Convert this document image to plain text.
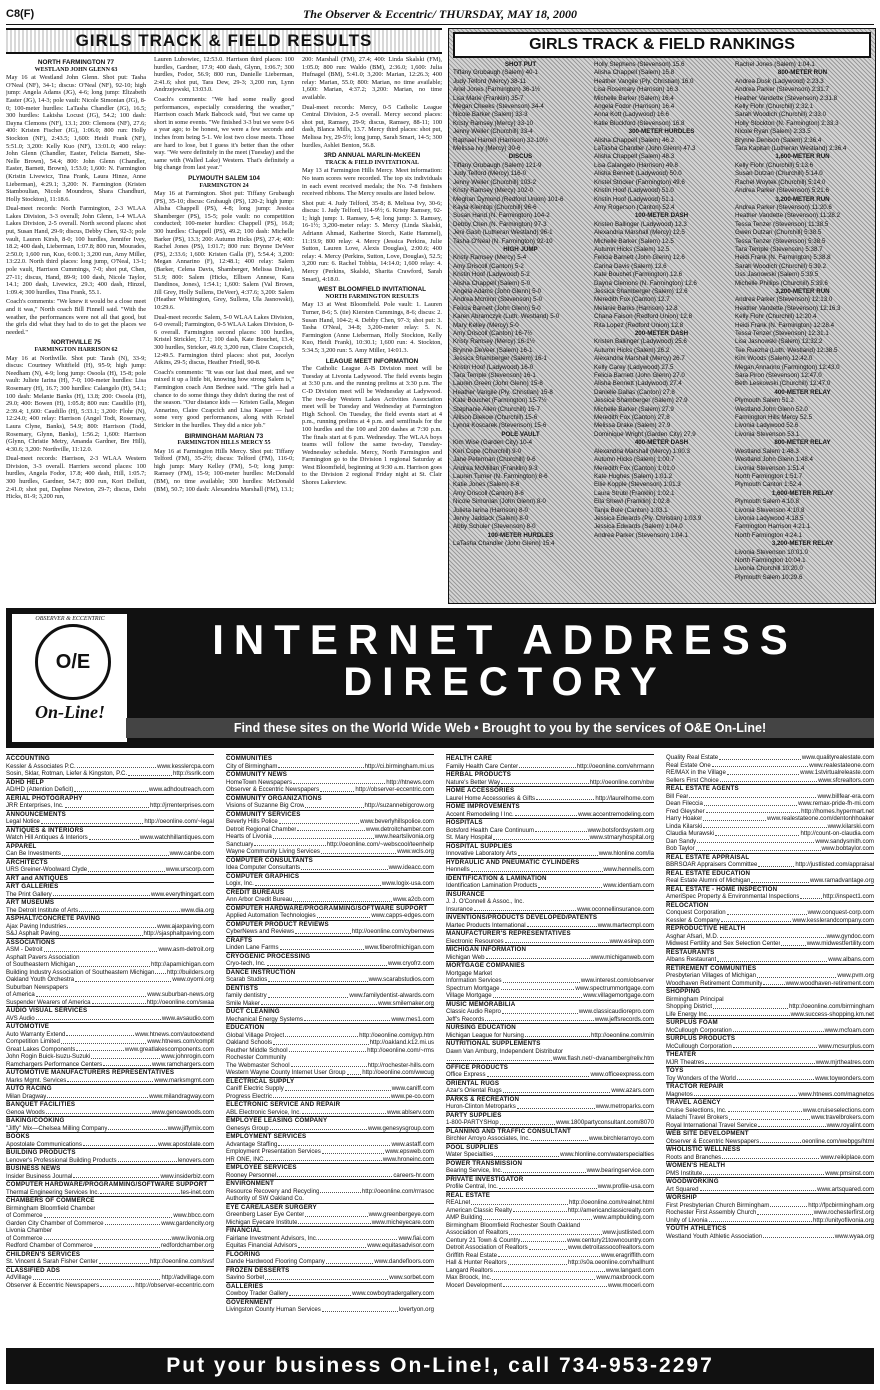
C8(F)	The Observer & Eccentric/ THURSDAY, MAY 18, 2000
GIRLS TRACK & FIELD RESULTS
NORTH FARMINGTON 77
WESTLAND JOHN GLENN 63

May 16 at Westland John Glenn. Shot put: Tasha O'Neal (NF), 34-1; discus: O'Neal (NF), 92-10; high jump: Angela Adams (JG), 4-6; long jump: Elizabeth Easter (JG), 14-3; pole vault: Nicole Simonian (JG), 8-0; 100-meter hurdles: LaTasha Chandler (JG), 16.5; 300 hurdles: Lakisha Locust (JG), 54.2; 100 dash: Dayna Clemons (NF), 13.1; 200: Clemons (NF), 27.6; 400: Kristen Fischer (JG), 1:06.0; 800 run: Holly Stockton (NF), 2:43.5; 1,600: Heidi Frank (NF), 5:51.0; 3,200: Kelly Kuo (NF), 13:01.0; 400 relay: John Glenn (Chandler, Easter, Felicia Barnett, She-Nelle Brown), 54.4; 800: John Glenn (Chandler, Easter, Barnett, Brown), 1:53.0; 1,600: N. Farmington (Kristin Livewicz, Tina Frank, Laura Hinze, Anne Lieberman), 4:29.1; 3,200: N. Farmington (Kristen Stamboulian, Nicole Moundros, Shara Chandhuri, Holly Stockton), 11:18.6.

Dual-meet records: North Farmington, 2-3 WLAA Lakes Division, 3-3 overall; John Glenn, 1-4 WLAA Lakes Division, 2-5 overall. North second places: shot put, Susan Hand, 29-9; discus, Debby Chen, 92-3; pole vault, Lauren Kirsh, 8-0; 100 hurdles, Jennifer Ivey, 18.2; 400 dash, Lieberman, 1:07.8; 800 run, Mourades, 2:50.0; 1,600 run, Kuo, 6:00.1; 3,200 run, Amy Miller, 13:22.0. North third places: long jump, O'Neal, 13-1; pole vault, Harrison Cummings, 7-0; shot put, Chen, 27-11; discus, Hand, 89-9; 100 dash, Nicole Taylor, 14.1; 200 dash, Livewicz, 29.3; 400 dash, Hinzel, 1:09.4; 300 hurdles, Tina Frank, 55.1.

Coach's comments: "We knew it would be a close meet and it was," North coach Bill Finnell said. "With the weather, the performances were not all that good, but the girls did what they had to do to get the places we needed."

NORTHVILLE 75
FARMINGTON HARRISON 62

May 16 at Northville. Shot put: Tarah (N), 33-9; discus: Courtney Whitfield (H), 95-9; high jump: Needham (N), 4-9; long jump: Osoola (H), 15-8; pole vault: Juliete Iarina (H), 7-0; 100-meter hurdles: Lisa Rosemary (H), 16.7; 300 hurdles: Calangelo (H), 54.1; 100 dash: Melanie Banks (H), 13.8; 200: Osoola (H), 29.0; 400: Bowen (H), 1:05.8; 800 run: Caudillo (H), 2:39.4; 1,600: Caudillo (H), 5:33.1; 3,200: Flohr (N), 12:24.0; 400 relay: Harrison (Angel Todt, Rosemary, Laura Clyne, Banks), 54.9; 800: Harrison (Todd, Rosemary, Glynn, Banks), 1:56.2; 1,600: Harrison (Glynn, Christie Metry, Amanda Gardner, Bre Hill), 4:30.6; 3,200: Northville, 11:12.0.

Dual-meet records: Harrison, 2-3 WLAA Western Division, 3-3 overall. Harriers second places: 100 hurdles, Angela Fodor, 17.8; 400 dash, Hill, 1:05.7; 300 hurdles, Gardner, 54.7; 800 run, Kori Dellutt, 2:41.0; shot put, Daphne Newton, 29-7; discus, Debi Hicks, 81-9; 3,200 run,

Lauren Lubowiec, 12:53.0. Harrison third places: 100 hurdles, Gardner, 17.9; 400 dash, Glynn, 1:06.7; 300 hurdles, Fodor, 56.9; 800 run, Danielle Lieberman, 2:41.6; shot put, Tara Dew, 29-3; 3,200 run, Lynn Andrzejewski, 13:03.0.

Coach's comments: "We had some really good performances, especially considering the weather," Harrison coach Mark Babcock said, "but we came up short in some events. "We finished 3-3 but we were 0-6 a year ago; to be honest, we were a few seconds and inches from being 5-1. We lost two close meets. Those are hard to lose, but I guess it's better than the other way. "We were definitely in the meet (Tuesday) and the same with (Walled Lake) Western. That's definitely a big change from last year."

PLYMOUTH SALEM 104
FARMINGTON 24

May 16 at Farmington. Shot put: Tiffany Grubaugh (PS), 35-10; discus: Grubaugh (PS), 120-2; high jump: Alisha Chappell (PS), 4-8; long jump: Jessica Shamberger (PS), 15-5; pole vault: no competition conducted; 100-meter hurdles: Chappell (PS), 16.8; 300 hurdles: Chappell (PS), 49.2; 100 dash: Michelle Barker (PS), 13.3; 200: Autumn Hicks (PS), 27.4; 400: Rachel Jones (PS), 1:01.7; 800 run: Brynne DeVeer (PS), 2:33.6; 1,600: Kristen Galla (F), 5:54.4; 3,200: Megan Annarino (F), 12:48.1; 400 relay: Salem (Barker, Celena Davis, Shamberger, Melissa Drake), 51.9; 800: Salem (Hicks, Ellisen Annese, Kara Dandinos, Jones), 1:54.1; 1,600: Salem (Val Brown, Jill Grey, Holly Sullens, DeVeer), 4:37.6; 3,200: Salem (Heather Whittington, Grey, Sullens, Ula Jasnowski), 10:29.6.

Dual-meet records: Salem, 5-0 WLAA Lakes Division, 6-0 overall; Farmington, 0-5 WLAA Lakes Division, 0-6 overall. Farmington second places: 100 hurdles, Kristel Strickler, 17.1; 100 dash, Kate Bouchet, 13.4; 300 hurdles, Stricker, 49.6; 3,200 run, Claire Czapcich, 12:49.5. Farmington third places: shot put, Jocelyn Atkins, 29-5; discus, Heather Friedl, 90-8.

Coach's comments: "It was our last dual meet, and we mixed it up a little bit, knowing how strong Salem is," Farmington coach Ann Bednee said. "The girls had a chance to do some things they didn't during the rest of the season. "Our distance kids — Kristen Galla, Megan Annarino, Claire Czapcich and Lisa Kasper — had some very good performances, along with Kristel Stricker in the hurdles. They did a nice job."

BIRMINGHAM MARIAN 73
FARMINGTON HILLS MERCY 55

May 16 at Farmington Hills Mercy. Shot put: Tiffany Telford (FM), 35-2½; discus: Telford (FM), 116-0; high jump: Mary Kelley (FM), 5-0; long jump: Ramsey (FM), 15-9; 100-meter hurdles: McDonald (BM), no time available; 300 hurdles: McDonald (BM), 50.7; 100 dash: Alexandria Marshall (FM), 13.1;

200: Marshall (FM), 27.4; 400: Linda Skalski (FM), 1:05.0; 800 run: Waldo (BM), 2:36.0; 1,600: Julia Hufnagel (BM), 5:41.0; 3,200: Marian, 12:26.3; 400 relay: Marian, 55.0; 800: Marian, no time available; 1,600: Marian, 4:37.2; 3,200: Marian, no time available.

Dual-meet records: Mercy, 0-5 Catholic League Central Division, 2-5 overall. Mercy second places: shot put, Ramsey, 29-9; discus, Ramsey, 88-11; 100 dash, Blanca Mills, 13.7. Mercy third places: shot put, Melissa Ivy, 29-5½; long jump, Sarah Smart, 14-5; 300 hurdles, Ashlei Benton, 56.8.

3RD ANNUAL MARLIN-McKEEN
TRACK & FIELD INVITATIONAL

May 13 at Farmington Hills Mercy. Meet information: No team scores were recorded. The top six individuals in each event received medals; the No. 7-8 finishers received ribbons. The Mercy results are listed below.

Shot put: 4. Judy Telford, 35-8; 8. Melissa Ivy, 30-6; discus: 1. Judy Telford, 114-9½; 6. Kristy Ramsey, 92-1; high jump: 1. Ramsey, 5-4; long jump: 3. Ramsey, 16-1½; 3,200-meter relay: 5. Mercy (Linda Skalski, Adriann Ahmad, Katherine Storch, Katie Hammel), 11:19.9; 800 relay: 4. Mercy (Jessica Perkins, Julie Sutton, Lauren Love, Alexis Douglas), 2:00.6; 400 relay: 4. Mercy (Perkins, Sutton, Love, Douglas), 52.5; 3,200 run: 6. Rachel Tobbia, 14:14.0; 1,600 relay: 4. Mercy (Perkins, Skalski, Sharita Crawford, Sarah Smart), 4:18.0.

WEST BLOOMFIELD INVITATIONAL
NORTH FARMINGTON RESULTS

May 13 at West Bloomfield. Pole vault: 1. Lauren Turner, 8-6; 5. (tie) Kiersten Cummings, 8-6; discus: 2. Susan Hand, 104-2; 4. Debby Chen, 97-3; shot put: 3. Tasha O'Neal, 34-8; 3,200-meter relay: 5. N. Farmington (Anne Lieberman, Holly Stockton, Kelly Kuo, Heidi Frank), 10:30.1; 1,600 run: 4. Stockton, 5:34.5; 3,200 run: 5. Amy Miller, 14:01.3.

LEAGUE MEET INFORMATION

The Catholic League A-B Division meet will be Tuesday at Livonia Ladywood. The field events begin at 3:30 p.m. and the running prelims at 3:30 p.m. The C-D Division meet will be Wednesday at Ladywood. The two-day Western Lakes Activities Association meet will be Tuesday and Wednesday at Farmington High School. On Tuesday, the field events start at 4 p.m., running prelims at 4 p.m. and semifinals for the 100 hurdles and the 100 and 200 dashes at 7:30 p.m. The finals start at 6 p.m. Wednesday. The WLAA boys teams will follow the same two-day, Tuesday-Wednesday schedule. Mercy, North Farmington and Farmington go to the Division 1 regional Saturday at West Bloomfield, beginning at 9:30 a.m. Harrison goes to the Division 2 regional Friday night at St. Clair Shores Lakeview.

GIRLS TRACK & FIELD RANKINGS
SHOT PUT
Tiffany Grubaugh (Salem) 40-1
Judy Telford (Mercy) 38-11
Ariel Jones (Farmington) 36-1½
Lisa Marie (Franklin) 35-7
Megan Cheeks (Stevenson) 34-4
Nicole Barker (Salem) 33-3
Kristy Ramsey (Mercy) 33-10
Jenny Weiler (Churchill) 33-4
Raphael Harrell (Harrison) 32-10½
Melissa Ivy (Mercy) 30-6
DISCUS
Tiffany Grubaugh (Salem) 121-9
Judy Telford (Mercy) 116-0
Jenny Weiler (Churchill) 103-2
Kristy Ramsey (Mercy) 102-0
Meghan Dymond (Redford Union) 101-6
Kayla Kleintop (Churchill) 96-6
Susan Hand (N. Farmington) 104-2
Debby Chen (N. Farmington) 97-3
Jeni Gash (Lutheran Westland) 96-1
Tasha O'Neal (N. Farmington) 92-10
HIGH JUMP
Kristy Ramsey (Mercy) 5-4
Amy Driscoll (Canton) 5-2
Kristin Hoof (Ladywood) 5-2
Alisha Chappell (Salem) 5-0
Angela Adams (John Glenn) 5-0
Andrea Mcminn (Stevenson) 5-0
Felicia Barnett (John Glenn) 5-0
Karen Abramczyk (Luth. Westland) 5-0
Mary Kelley (Mercy) 5-0
Amy Driscoll (Canton) 16-7½
Kristy Ramsey (Mercy) 16-1½
Brynne DeVeer (Salem) 16-1
Jessica Shamberger (Salem) 16-1
Kristin Hoof (Ladywood) 16-0
Tara Temple (Stevenson) 16-1
Lauren Green (John Glenn) 15-8
Heather Vangile (Ply. Christian) 15-8
Kate Bouchet (Farmington) 15-7½
Stephanie Allen (Churchill) 15-7
Allison Diekow (Churchill) 15-6
Lynna Koscarek (Stevenson) 15-6
POLE VAULT
Kim Wise (Garden City) 10-4
Keri Cope (Churchill) 9-0
Jane Peterman (Churchill) 9-6
Andrea McMillan (Franklin) 9-3
Lauren Turner (N. Farmington) 8-6
Katie Jones (Salem) 8-6
Amy Driscoll (Canton) 8-6
Nicole Simonian (John Glenn) 8-0
Julieta Iarina (Harrison) 8-0
Jenny Jaddack (Salem) 8-0
Abby Schuler (Stevenson) 8-0
100-METER HURDLES
LaTasha Chandler (John Glenn) 15.4
Holly Stephens (Stevenson) 15.6
Alisha Chappell (Salem) 15.8
Heather Vangile (Ply. Christian) 16.0
Lisa Rosemary (Harrison) 16.3
Michelle Barker (Salem) 16.4
Angela Fodor (Harrison) 16.4
Anna Kott (Ladywood) 16.6
Katie Bluckford (Stevenson) 16.8
300-METER HURDLES
Alisha Chappell (Salem) 46.2
LaTasha Chandler (John Glenn) 47.3
Alisha Chappell (Salem) 48.3
Lisa Calangelo (Harrison) 49.8
Alisha Bennett (Ladywood) 50.0
Kristel Stricker (Farmington) 49.6
Kristin Hoof (Ladywood) 51.0
Kristin Hoof (Ladywood) 51.1
Amy Rogerson (Canton) 52.4
100-METER DASH
Kristen Ballinger (Ladywood) 12.3
Alexandria Marshall (Mercy) 12.5
Michelle Barker (Salem) 12.5
Autumn Hicks (Salem) 12.5
Felicia Barnett (John Glenn) 12.6
Carina Davis (Salem) 12.6
Kate Bouchet (Farmington) 12.6
Dayna Clemons (N. Farmington) 12.6
Jessica Shamberger (Salem) 12.6
Meredith Fox (Canton) 12.7
Melanie Banks (Harrison) 12.8
Chana Faison (Redford Union) 12.8
Rita Lopez (Redford Union) 12.8
200-METER DASH
Kristen Ballinger (Ladywood) 25.6
Autumn Hicks (Salem) 26.2
Alexandria Marshall (Mercy) 26.7
Kelly Carey (Ladywood) 27.5
Felicia Barnett (John Glenn) 27.0
Alisha Bennett (Ladywood) 27.4
Danielle Dallas (Canton) 27.8
Jessica Shamberger (Salem) 27.9
Michelle Barker (Salem) 27.9
Meredith Fox (Canton) 27.8
Melissa Drake (Salem) 27.9
Dominique Wright (Garden City) 27.9
400-METER DASH
Alexandria Marshall (Mercy) 1:00.3
Autumn Hicks (Salem) 1:00.7
Meredith Fox (Canton) 1:01.0
Kate Hughes (Salem) 1:01.2
Ellie Kopple (Stevenson) 1:01.3
Laura Strubl (Franklin) 1:02.1
Ella Shewl (Franklin) 1:02.8
Tanja Bole (Canton) 1:03.1
Jessica Edwards (Ply. Christian) 1:03.9
Jessica Edwards (Salem) 1:04.0
Andrea Parker (Stevenson) 1:04.1
Rachel Jones (Salem) 1:04.1
800-METER RUN
Andrea Dusk (Ladywood) 2:23.3
Andrea Parker (Stevenson) 2:31.7
Heather Vandette (Stevenson) 2:31.8
Kelly Flohr (Churchill) 2:32.1
Sarah Woodich (Churchill) 2:33.0
Holly Stockton (N. Farmington) 2:33.3
Nicole Ryan (Salem) 2:33.5
Brynne Denison (Salem) 2:36.4
Tara Kapitan (Lutheran Westland) 2:36.4
1,600-METER RUN
Kelly Flohr (Churchill) 5:13.6
Susan Dutzan (Churchill) 5:14.0
Rachel Woytek (Churchill) 5:14.0
Andrea Parker (Stevenson) 5:21.6
3,200-METER RUN
Andrea Parker (Stevenson) 11:20.6
Heather Vandette (Stevenson) 11:28.2
Tessa Tenzer (Stevenson) 11:38.5
Gwen Dutzan (Churchill) 5:38.5
Tessa Tenzer (Stevenson) 5:38.5
Tara Temple (Stevenson) 5:38.7
Heidi Frank (N. Farmington) 5:38.8
Sarah Woodich (Churchill) 5:39.2
Uss Jasnowski (Salem) 5:39.5
Michelle Phillips (Churchill) 5:39.6
3,200-METER RUN
Andrea Parker (Stevenson) 12:13.0
Heather Vandette (Stevenson) 12:16.3
Kelly Flohr (Churchill) 12:20.4
Heidi Frank (N. Farmington) 12:28.4
Tessa Tenzer (Stevenson) 12:31.1
Lisa Jasnowski (Salem) 12:32.2
Tee Ruezha (Luth. Westland) 12:38.5
Kim Woods (Salem) 12:42.0
Megan Annarino (Farmington) 12:43.0
Sara Piron (Stevenson) 12:47.0
Beth Leskowski (Churchill) 12:47.0
400-METER RELAY
Plymouth Salem 51.2
Westland John Glenn 52.0
Farmington Hills Mercy 52.5
Livonia Ladywood 52.6
Livonia Stevenson 53.1
800-METER RELAY
Westland Salem 1:48.3
Westland John Glenn 1:48.4
Livonia Stevenson 1:51.4
North Farmington 1:51.7
Plymouth Canton 1:52.4
1,600-METER RELAY
Plymouth Salem 4:10.8
Livonia Stevenson 4:10.8
Livonia Ladywood 4:18.5
Farmington Harrison 4:21.1
North Farmington 4:24.1
3,200-METER RELAY
Livonia Stevenson 10:01.0
North Farmington 10:04.1
Livonia Churchill 10:20.0
Plymouth Salem 10:29.6
OBSERVER & ECCENTRIC
O/E
On-Line!
INTERNET ADDRESS
DIRECTORY
Find these sites on the World Wide Web • Brought to you by the services of O&E On-Line!
ACCOUNTING
Kessler & Associates P.C.	www.kesslercpa.com
Sosin, Sklar, Rotman, Liefer & Kingston, P.C.	http://ssrlk.com
ADHD HELP
AD/HD (Attention Deficit)	www.adhdoutreach.com
AERIAL PHOTOGRAPHY
JRR Enterprises, Inc.	http://jrrenterprises.com
ANNOUNCEMENTS
Legal Notice	http://oeonline.com/~legal
ANTIQUES & INTERIORS
Watch Hill Antiques & Interiors	www.watchhillantiques.com
APPAREL
Can Be Investments	www.canbe.com
ARCHITECTS
URS Greiner-Woolward Clyde	www.urscorp.com
ART and ANTIQUES
ART GALLERIES
The Print Gallery	www.everythingart.com
ART MUSEUMS
The Detroit Institute of Arts	www.dia.org
ASPHALT/CONCRETE PAVING
Ajax Paving Industries	www.ajaxpaving.com
S&J Asphalt Paving	http://sjasphaltpaving.com
ASSOCIATIONS
ASM - Detroit	www.asm-detroit.org
Asphalt Pavers Association
of Southeastern Michigan	http://apamichigan.com
Building Industry Association of Southeastern Michigan http://builders.org
Oakland Youth Orchestra	www.oyorni.org
Suburban Newspapers
of America	www.suburban-news.org
Suspender Wearers of America	http://oeonline.com/swaa
AUDIO VISUAL SERVICES
AVS Audio	www.avsaudio.com
AUTOMOTIVE
Auto Warranty Extend	www.htnews.com/autoextend
Competition Limited	www.htnews.com/complt
Great Lakes Components	www.greatlakescomponents.com
John Rogin Buick-Isuzu-Suzuki	www.johnrogin.com
Ramchargers Performance Centers	www.ramchargers.com
AUTOMOTIVE MANUFACTURERS REPRESENTATIVES
Marks Mgmt. Services	www.marksmgmt.com
AUTO RACING
Milan Dragway	www.milandragway.com
BANQUET FACILITIES
Genoa Woods	www.genoawoods.com
BAKING/COOKING
"Jiffy" Mix—Chelsea Milling Company	www.jiffymix.com
BOOKS
Apostolate Communications	www.apostolate.com
BUILDING PRODUCTS
Lenover's Professional Building Products	lenovers.com
BUSINESS NEWS
Insider Business Journal	www.insiderbiz.com
COMPUTER HARDWARE/PROGRAMMING/SOFTWARE SUPPORT
Thermal Engineering Services Inc.	tes-inet.com
CHAMBERS OF COMMERCE
Birmingham Bloomfield Chamber
of Commerce	www.bbcc.com
Garden City Chamber of Commerce	www.gardencity.org
Livonia Chamber
of Commerce	www.livonia.org
Redford Chamber of Commerce	redfordchamber.org
CHILDREN'S SERVICES
St. Vincent & Sarah Fisher Center	http://oeonline.com/svsf
CLASSIFIED ADS
AdVillage	http://advillage.com
Observer & Eccentric Newspapers	http://observer-eccentric.com
COMMUNITIES
City of Birmingham	http://ci.birmingham.mi.us
COMMUNITY NEWS
HomeTown Newspapers	http://htnews.com
Observer & Eccentric Newspapers	http://observer-eccentric.com
COMMUNITY ORGANIZATIONS
Visions of Suzanne Big Crow	http://suzannebigcrow.org
COMMUNITY SERVICES
Beverly Hills Police	www.beverlyhillspolice.com
Detroit Regional Chamber	www.detroitchamber.com
Hearts of Livonia	www.heartslivonia.org
Sanctuary	http://oeonline.com/~webscool/teenhelp
Wayne Community Living Services	www.wcls.org
COMPUTER CONSULTANTS
Idea Computer Consultants	www.ideacc.com
COMPUTER GRAPHICS
Logix, Inc.	www.logix-usa.com
CREDIT BUREAUS
Ann Arbor Credit Bureau	www.a2cb.com
COMPUTER HARDWARE/PROGRAMMING/SOFTWARE SUPPORT
Applied Automation Technologies	www.capps-edges.com
COMPUTER PRODUCT REVIEWS
CyberNews and Reviews	http://oeonline.com/cybernews
CRAFTS
Linden Lane Farms	www.fiberofmichigan.com
CRYOGENIC PROCESSING
Cryo-tech, Inc.	www.cryofrz.com
DANCE INSTRUCTION
Scarab Studios	www.scarabstudios.com
DENTISTS
family dentistry	www.familydentist-alwards.com
Smile Maker	www.smilemaker.org
DUCT CLEANING
Mechanical Energy Systems	www.mes1.com
EDUCATION
Global Village Project	http://oeonline.com/gvp.htm
Oakland Schools	http://oakland.k12.mi.us
Reuther Middle School	http://oeonline.com/~rms
Rochester Community
The Webmaster School	http://rochester-hills.com
Western Wayne County Internet User Group	http://oeonline.com/wwcug
ELECTRICAL SUPPLY
Caniff Electric Supply	www.caniff.com
Progress Electric	www.pe-co.com
ELECTRONIC SERVICE AND REPAIR
ABL Electronic Service, Inc.	www.ablserv.com
EMPLOYEE LEASING COMPANY
Genesys Group	www.genesysgroup.com
EMPLOYMENT SERVICES
Advantage Staffing	www.astaff.com
Employment Presentation Services	www.epsweb.com
HR ONE, INC.	www.hroneinc.com
EMPLOYEE SERVICES
Rooney Personnel	careers-hr.com
ENVIRONMENT
Resource Recovery and Recycling	http://oeonline.com/rrrasoc
Authority of SW Oakland Co.
EYE CARE/LASER SURGERY
Greenberg Laser Eye Center	www.greenbergeye.com
Michigan Eyecare Institute	www.micheyecare.com
FINANCIAL
Fairlane Investment Advisors, Inc.	www.fiai.com
Equitas Financial Advisors	www.equitasadvisor.com
FLOORING
Dande Hardwood Flooring Company	www.dandefloors.com
FROZEN DESSERTS
Savino Sorbet	www.sorbet.com
GALLERIES
Cowboy Trader Gallery	www.cowboytradergallery.com
GOVERNMENT
Livingston County Human Services	lovertyon.org
HEALTH CARE
Family Health Care Center	http://oeonline.com/ehrmann
HERBAL PRODUCTS
Nature's Better Way	http://oeonline.com/nbw
HOME ACCESSORIES
Laurel Home Accessories & Gifts	http://laurelhome.com
HOME IMPROVEMENTS
Accent Remodeling I Inc.	www.accentremodeling.com
HOSPITALS
Botsford Health Care Continuum	www.botsfordsystem.org
St. Mary Hospital	www.stmaryhospital.org
HOSPITAL SUPPLIES
Innovative Laboratory Arts	www.hlonline.com/la
HYDRAULIC AND PNEUMATIC CYLINDERS
Hennells	www.hennells.com
IDENTIFICATION & LAMINATION
Identification Lamination Products	www.identiam.com
INSURANCE
J. J. O'Connell & Assoc., Inc.
Insurance	www.oconnellinsurance.com
INVENTIONS/PRODUCTS DEVELOPED/PATENTS
Martec Products International	www.martecmpl.com
MANUFACTURER'S REPRESENTATIVES
Electronic Resources	www.esirep.com
MICHIGAN INFORMATION
Michigan Web	www.michiganweb.com
MORTGAGE COMPANIES
Mortgage Market
Information Services	www.interest.com/observer
Spectrum Mortgage	www.spectrummortgage.com
Village Mortgage	www.villagemortgage.com
MUSIC MEMORABILIA
Classic Audio Repro	www.classicaudiorepro.com
Jeff's Records	www.jeffsrecords.com
NURSING EDUCATION
Michigan League for Nursing	http://oeonline.com/min
NUTRITIONAL SUPPLEMENTS
Dawn Van Amburg, Independent Distributor
www.flash.net/~dvanamberg/reliv.htm
OFFICE PRODUCTS
Office Express	www.officeexpress.com
ORIENTAL RUGS
Azar's Oriental Rugs	www.azars.com
PARKS & RECREATION
Huron-Clinton Metroparks	www.metroparks.com
PARTY SUPPLIES
1-800-PARTYSHop	www.1800partyconsultant.com/8070
PLANNING AND TRAFFIC CONSULTANT
Birchler Arroyo Associates, Inc.	www.birchlerarroyo.com
POOL SUPPLIES
Water Specialties	www.hlonline.com/waterspecialties
POWER TRANSMISSION
Bearing Service, Inc.	www.bearingservice.com
PRIVATE INVESTIGATOR
Profile Central, Inc.	www.profile-usa.com
REAL ESTATE
REALnet	http://oeonline.com/realnet.html
American Classic Realty	http://americanclassicrealty.com
AMP Building	www.ampbuilding.com
Birmingham Bloomfield Rochester South Oakland
Association of Realtors	www.justlisted.com
Century 21 Town & Country	www.century21towncountry.com
Detroit Association of Realtors	www.detroitassocofrealtors.com
Griffith Real Estate	www.eragriffith.com
Hall & Hunter Realtors	http://s0a.oeonline.com/hallhunt
Langard Realtors	www.langard.com
Max Broock, Inc.	www.maxbroock.com
Mocerl Development	www.moceri.com
Quality Real Estate	www.qualityrealestate.com
Real Estate One	www.realestateone.com
RE/MAX in the Village	www.1stvirtualreleaste.com
Sellers First Choice	www.sfcrealtors.com
REAL ESTATE AGENTS
Bill Fear	www.billfear-era.com
Dean Fileccia	www.remax-pride-fh-mi.com
Fred Gleysher	http://homes.hypermart.net
Harry Hoaker	www.realestateone.com/dentonhhoaker
Linda Kilarski	www.kilarski.com
Claudia Murawski	http://count-on-claudia.com
Dan Sandy	www.sandysmith.com
Bob Taylor	www.bobtaylor.com
REAL ESTATE APPRAISAL
BBRSOAR Appraisers Committee	http://justlisted.com/appraisal
REAL ESTATE EDUCATION
Real Estate Alumni of Michigan	www.ramadvantage.org
REAL ESTATE - HOME INSPECTION
AmeriSpec Property & Environmental Inspections	http://inspect1.com
RELOCATION
Conquest Corporation	www.conquest-corp.com
Kessler & Company	www.kesslerandcompany.com
REPRODUCTIVE HEALTH
Asghar Afsari, M.D.	www.gyndoc.com
Midwest Fertility and Sex Selection Center	www.midwestfertility.com
RESTAURANTS
Albans Restaurant	www.albans.com
RETIREMENT COMMUNITIES
Presbyterian Villages of Michigan	www.pvm.org
Woodhaven Retirement Community	www.woodhaven-retirement.com
SHOPPING
Birmingham Principal
Shopping District	http://oeonline.com/birmingham
Life Energy Inc.	www.success-shopping.km.net
SURPLUS FOAM
McCullough Corporation	www.mcfoam.com
SURPLUS PRODUCTS
McCullough Corporation	www.mcsurplus.com
THEATER
MJR Theatres	www.mjrtheatres.com
TOYS
Toy Wonders of the World	www.toywonders.com
TRACTOR REPAIR
Magnetos	www.htnews.com/magnetos
TRAVEL AGENCY
Cruise Selections, Inc.	www.cruiseselections.com
Malachi Travel Brokers	www.travelbrokers.com
Royal International Travel Service	www.royalint.com
WEB SITE DEVELOPMENT
Observer & Eccentric Newspapers	oeonline.com/webpgs/html
WHOLISTIC WELLNESS
Roots and Branches	www.reikiplace.com
WOMEN'S HEALTH
PMS Institute	www.pmsinst.com
WOODWORKING
Art Squared	www.artsquared.com
WORSHIP
First Presbyterian Church Birmingham	http://fpcbirmingham.org
Rochester First Assembly Church	www.rochesterfirst.org
Unity of Livonia	http://unityoflivonia.org
YOUTH ATHLETICS
Westland Youth Athletic Association	www.wyaa.org
Put your business On-Line!, call 734-953-2297
